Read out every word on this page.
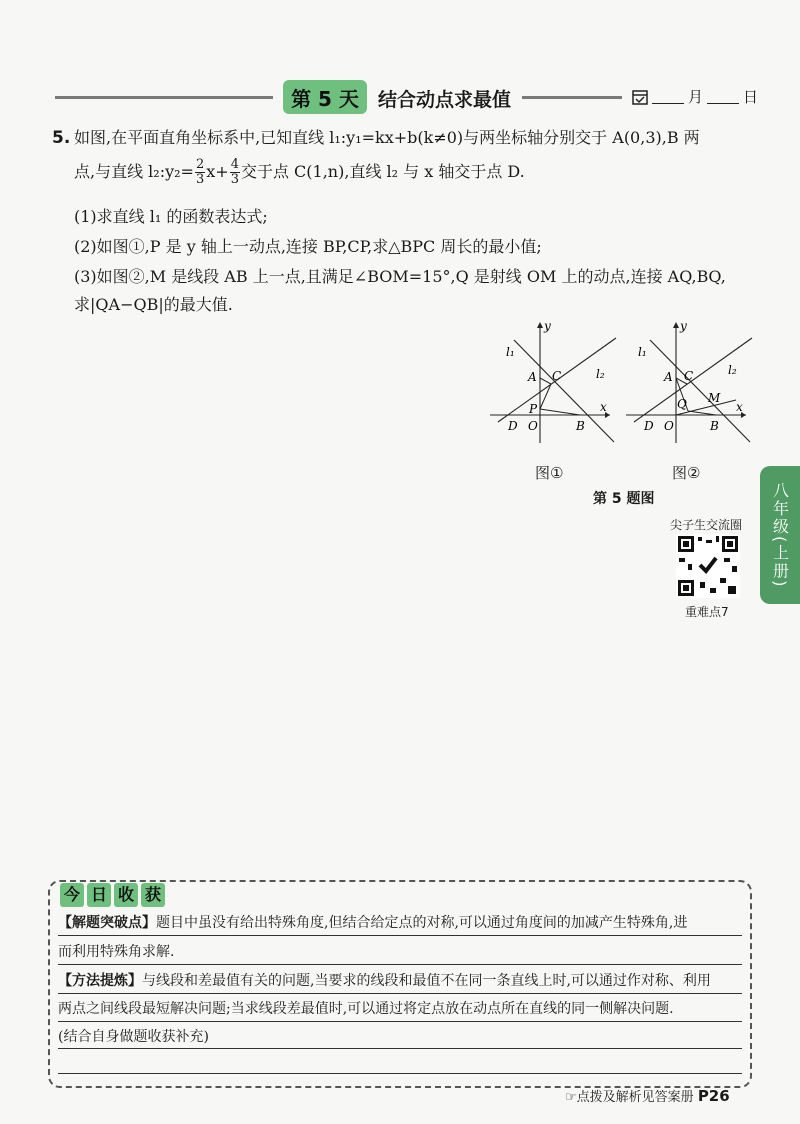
第 5 天	结合动点求最值	月	日
5. 如图,在平面直角坐标系中,已知直线 l₁:y₁=kx+b(k≠0)与两坐标轴分别交于 A(0,3),B 两
点,与直线 l₂:y₂= $\frac{2}{3} x+ \frac{4}{3}$ 交于点 C(1,n),直线 l₂ 与 x 轴交于点 D.
(1)求直线 l₁ 的函数表达式;
(2)如图①,P 是 y 轴上一动点,连接 BP,CP,求△BPC 周长的最小值;
(3)如图②,M 是线段 AB 上一点,且满足∠BOM=15°,Q 是射线 OM 上的动点,连接 AQ,BQ,
求|QA−QB|的最大值.
y
x
l₁
l₂
A C
P
D O	B
图①
y
x
l₁
l₂
A C
Q M
D O	B
图②
第 5 题图	八年级(上册)
尖子生交流圈
重难点7
今 日 收 获
【解题突破点】题目中虽没有给出特殊角度,但结合给定点的对称,可以通过角度间的加减产生特殊角,进
而利用特殊角求解.
【方法提炼】与线段和差最值有关的问题,当要求的线段和最值不在同一条直线上时,可以通过作对称、利用
两点之间线段最短解决问题;当求线段差最值时,可以通过将定点放在动点所在直线的同一侧解决问题.
(结合自身做题收获补充)
☞点拨及解析见答案册 P26
